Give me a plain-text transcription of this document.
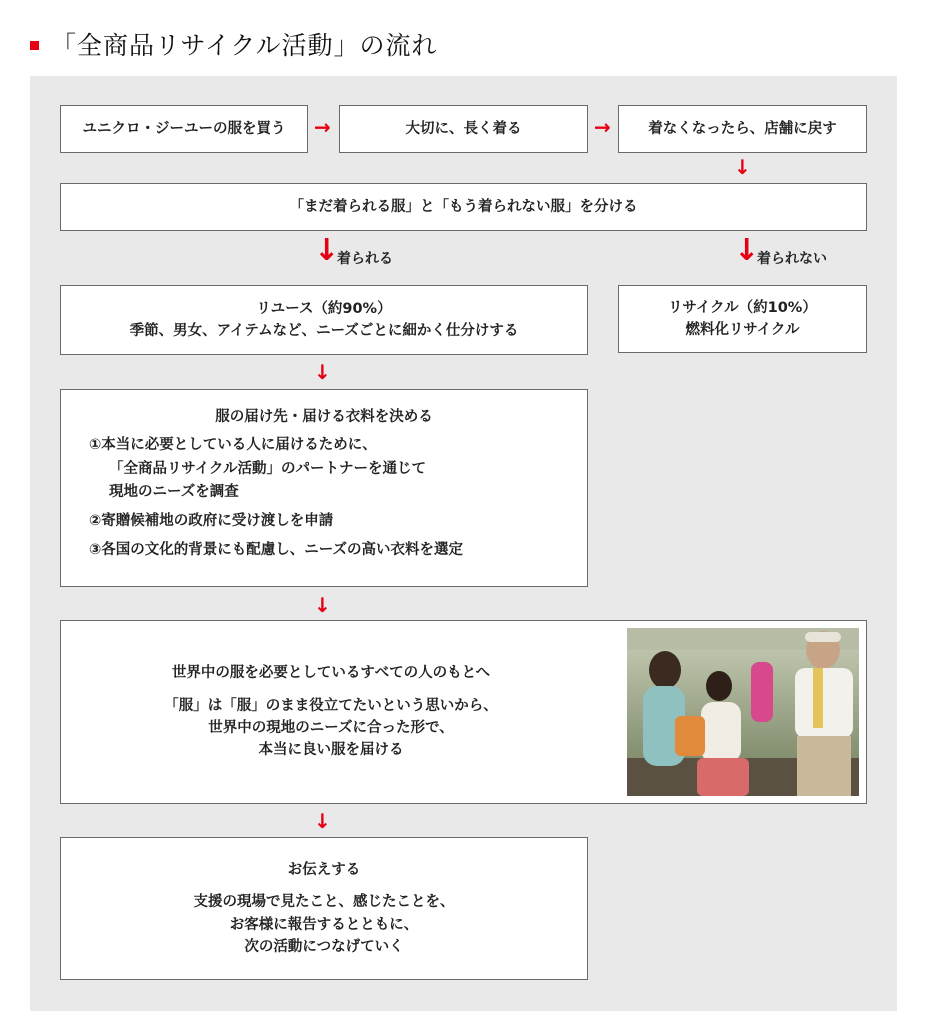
「全商品リサイクル活動」の流れ
ユニクロ・ジーユーの服を買う →	大切に、長く着る	→	着なくなったら、店舗に戻す
↓
「まだ着られる服」と「もう着られない服」を分ける
↓
着られる	↓
着られない
リユース（約90%）
季節、男女、アイテムなど、ニーズごとに細かく仕分けする
リサイクル（約10%）
燃料化リサイクル
↓
服の届け先・届ける衣料を決める
①本当に必要としている人に届けるために、
「全商品リサイクル活動」のパートナーを通じて
現地のニーズを調査
②寄贈候補地の政府に受け渡しを申請
③各国の文化的背景にも配慮し、ニーズの高い衣料を選定
↓
世界中の服を必要としているすべての人のもとへ
「服」は「服」のまま役立てたいという思いから、
世界中の現地のニーズに合った形で、
本当に良い服を届ける
↓
お伝えする
支援の現場で見たこと、感じたことを、
お客様に報告するとともに、
次の活動につなげていく
